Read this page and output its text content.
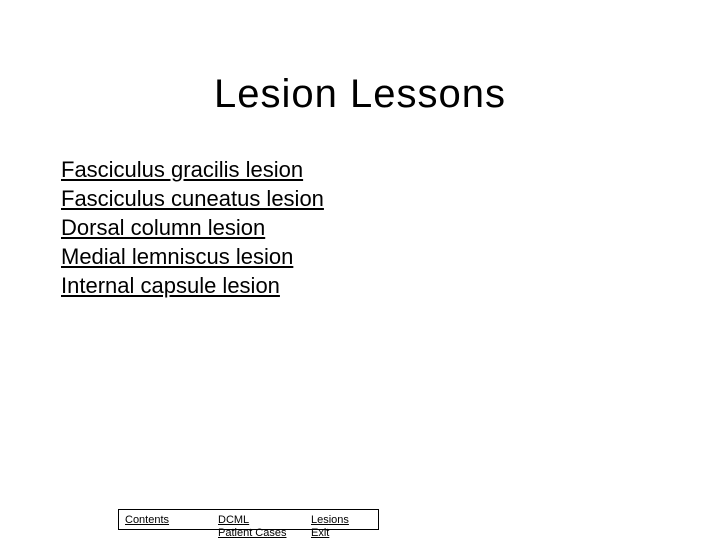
Lesion Lessons
Fasciculus gracilis lesion
Fasciculus cuneatus lesion
Dorsal column lesion
Medial lemniscus lesion
Internal capsule lesion
Contents	DCML
Patient Cases
Lesions
Exit
